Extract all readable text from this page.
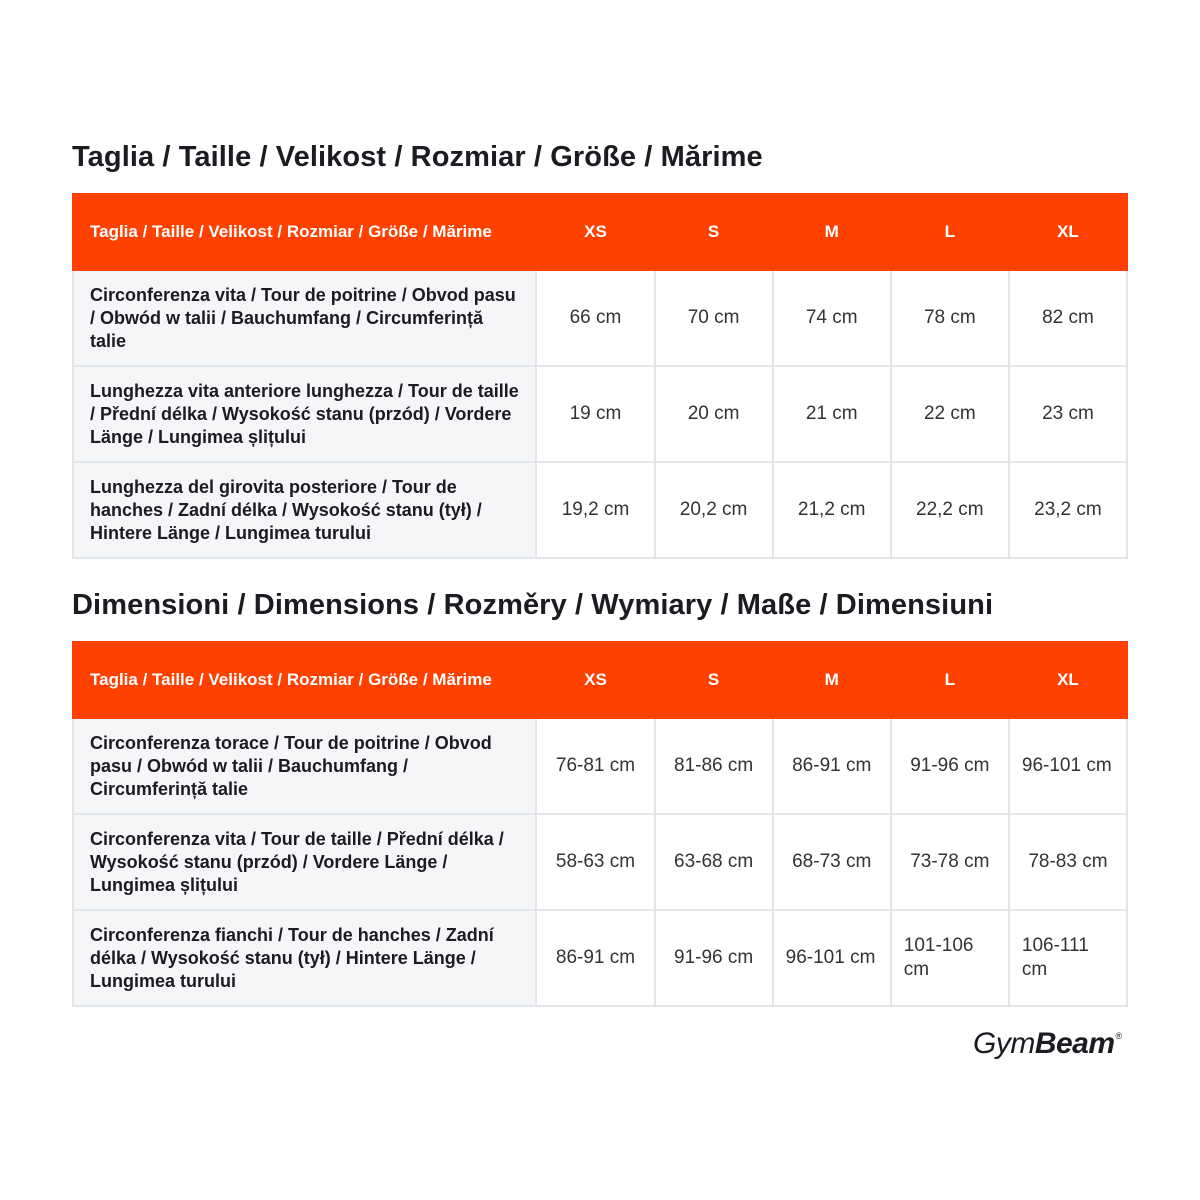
Taglia / Taille / Velikost / Rozmiar / Größe / Mărime
Taglia / Taille / Velikost / Rozmiar / Größe / Mărime	XS	S	M	L	XL
Circonferenza vita / Tour de poitrine / Obvod pasu / Obwód w talii / Bauchumfang / Circumferință talie	66 cm	70 cm	74 cm	78 cm	82 cm
Lunghezza vita anteriore lunghezza / Tour de taille / Přední délka / Wysokość stanu (przód) / Vordere Länge / Lungimea șlițului	19 cm	20 cm	21 cm	22 cm	23 cm
Lunghezza del girovita posteriore / Tour de hanches / Zadní délka / Wysokość stanu (tył) / Hintere Länge / Lungimea turului	19,2 cm	20,2 cm	21,2 cm	22,2 cm	23,2 cm
Dimensioni / Dimensions / Rozměry / Wymiary / Maße / Dimensiuni
Taglia / Taille / Velikost / Rozmiar / Größe / Mărime	XS	S	M	L	XL
Circonferenza torace / Tour de poitrine / Obvod pasu / Obwód w talii / Bauchumfang / Circumferință talie	76-81 cm	81-86 cm	86-91 cm	91-96 cm	96-101 cm
Circonferenza vita / Tour de taille / Přední délka / Wysokość stanu (przód) / Vordere Länge / Lungimea șlițului	58-63 cm	63-68 cm	68-73 cm	73-78 cm	78-83 cm
Circonferenza fianchi / Tour de hanches / Zadní délka / Wysokość stanu (tył) / Hintere Länge / Lungimea turului	86-91 cm	91-96 cm	96-101 cm	101-106 cm	106-111 cm
GymBeam®
